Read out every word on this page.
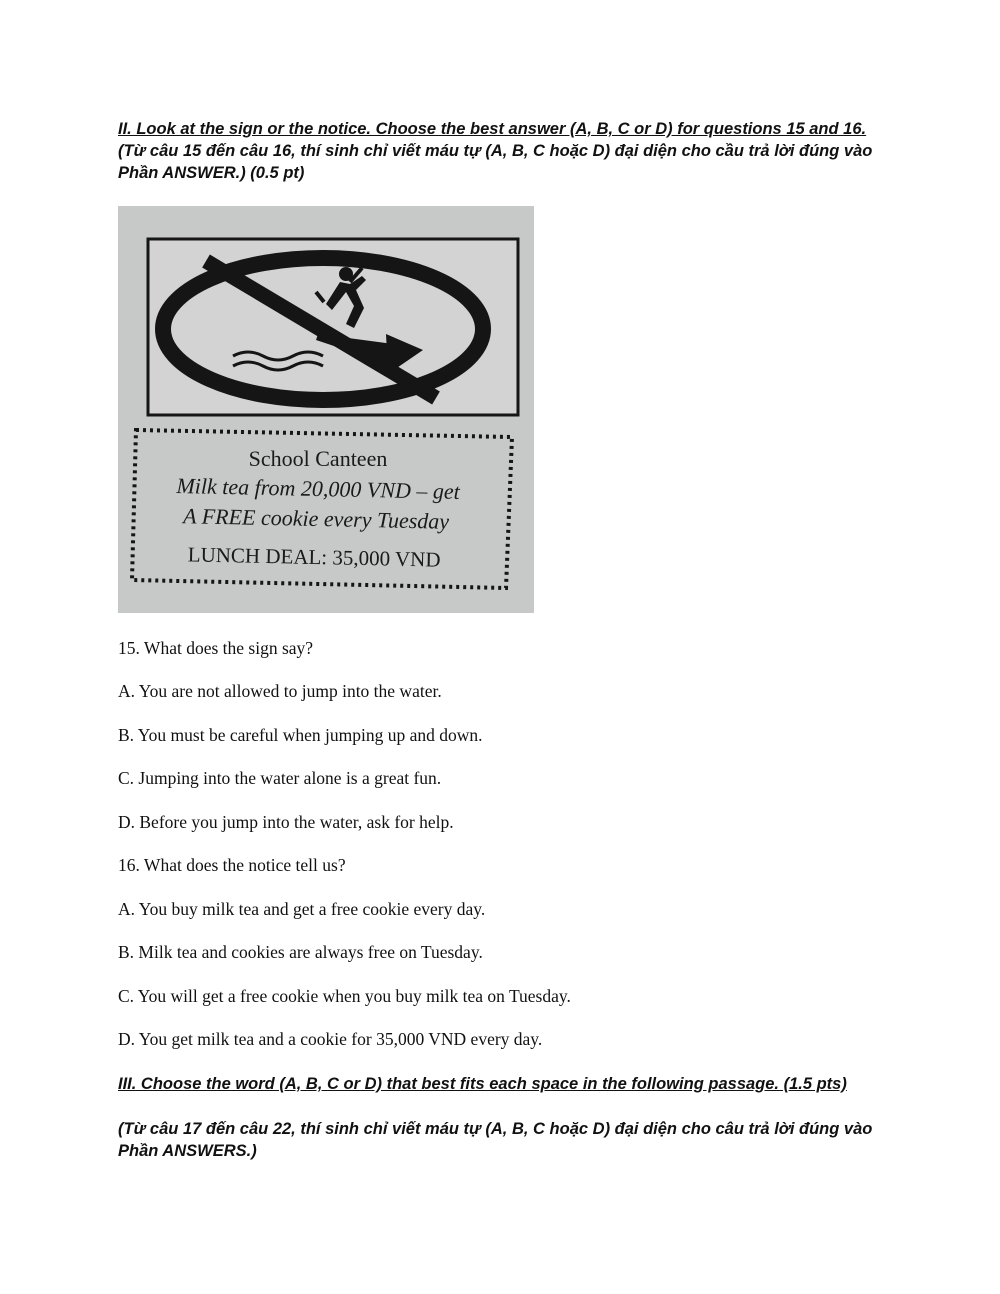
II. Look at the sign or the notice. Choose the best answer (A, B, C or D) for questions 15 and 16. (Từ câu 15 đến câu 16, thí sinh chỉ viết máu tự (A, B, C hoặc D) đại diện cho cầu trả lời đúng vào Phần ANSWER.) (0.5 pt)
School Canteen
Milk tea from 20,000 VND – get
A FREE cookie every Tuesday
LUNCH DEAL: 35,000 VND
15. What does the sign say?
A. You are not allowed to jump into the water.
B. You must be careful when jumping up and down.
C. Jumping into the water alone is a great fun.
D. Before you jump into the water, ask for help.
16. What does the notice tell us?
A. You buy milk tea and get a free cookie every day.
B. Milk tea and cookies are always free on Tuesday.
C. You will get a free cookie when you buy milk tea on Tuesday.
D. You get milk tea and a cookie for 35,000 VND every day.
III. Choose the word (A, B, C or D) that best fits each space in the following passage. (1.5 pts)
(Từ câu 17 đến câu 22, thí sinh chỉ viết máu tự (A, B, C hoặc D) đại diện cho câu trả lời đúng vào Phần ANSWERS.)
